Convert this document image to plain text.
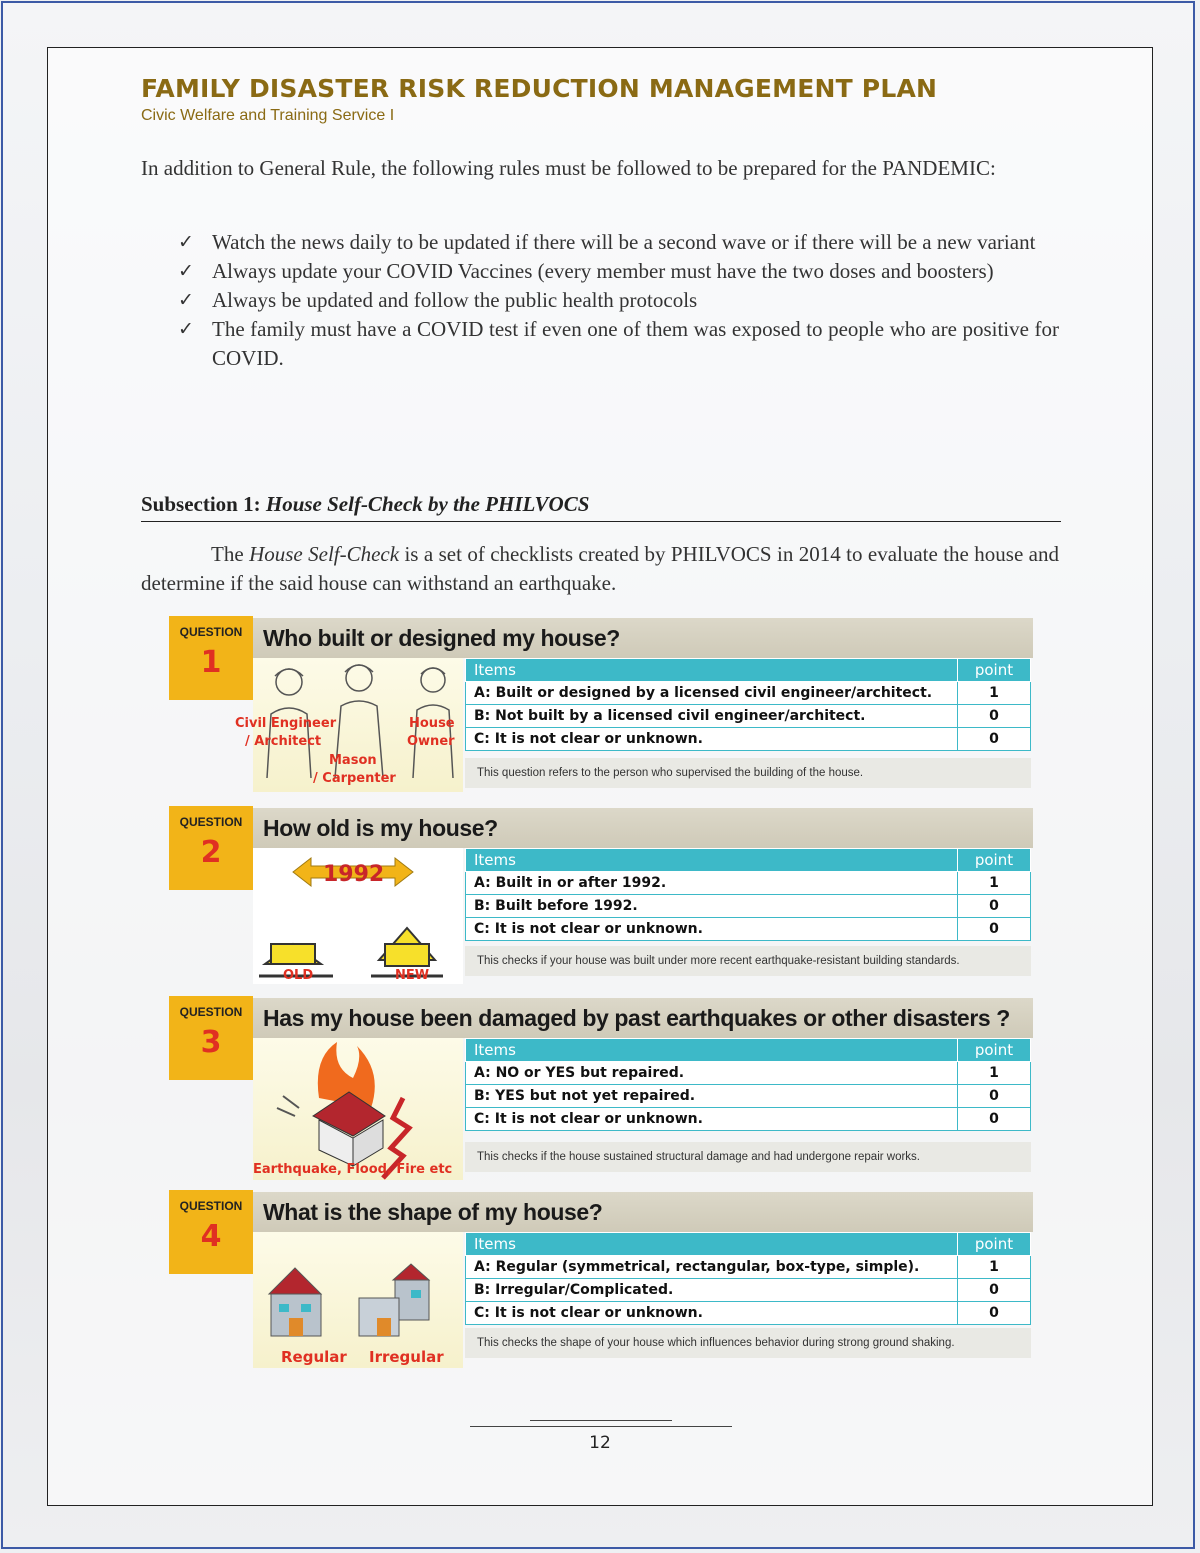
FAMILY DISASTER RISK REDUCTION MANAGEMENT PLAN
Civic Welfare and Training Service I
In addition to General Rule, the following rules must be followed to be prepared for the PANDEMIC:
✓ Watch the news daily to be updated if there will be a second wave or if there will be a new variant
✓ Always update your COVID Vaccines (every member must have the two doses and boosters)
✓ Always be updated and follow the public health protocols
✓ The family must have a COVID test if even one of them was exposed to people who are positive for COVID.
Subsection 1: House Self-Check by the PHILVOCS
The House Self-Check is a set of checklists created by PHILVOCS in 2014 to evaluate the house and determine if the said house can withstand an earthquake.
QUESTION
1
Who built or designed my house?
Civil Engineer
/ Architect
Mason
/ Carpenter
House
Owner
Items	point
A: Built or designed by a licensed civil engineer/architect.	1
B: Not built by a licensed civil engineer/architect.	0
C: It is not clear or unknown.	0
This question refers to the person who supervised the building of the house.
QUESTION
2
How old is my house?
1992
OLD	NEW
Items	point
A: Built in or after 1992.	1
B: Built before 1992.	0
C: It is not clear or unknown.	0
This checks if your house was built under more recent earthquake-resistant building standards.
QUESTION
3
Has my house been damaged by past earthquakes or other disasters ?
Earthquake, Flood, Fire etc
Items	point
A: NO or YES but repaired.	1
B: YES but not yet repaired.	0
C: It is not clear or unknown.	0
This checks if the house sustained structural damage and had undergone repair works.
QUESTION
4
What is the shape of my house?
Regular Irregular
Items	point
A: Regular (symmetrical, rectangular, box-type, simple).	1
B: Irregular/Complicated.	0
C: It is not clear or unknown.	0
This checks the shape of your house which influences behavior during strong ground shaking.
12
